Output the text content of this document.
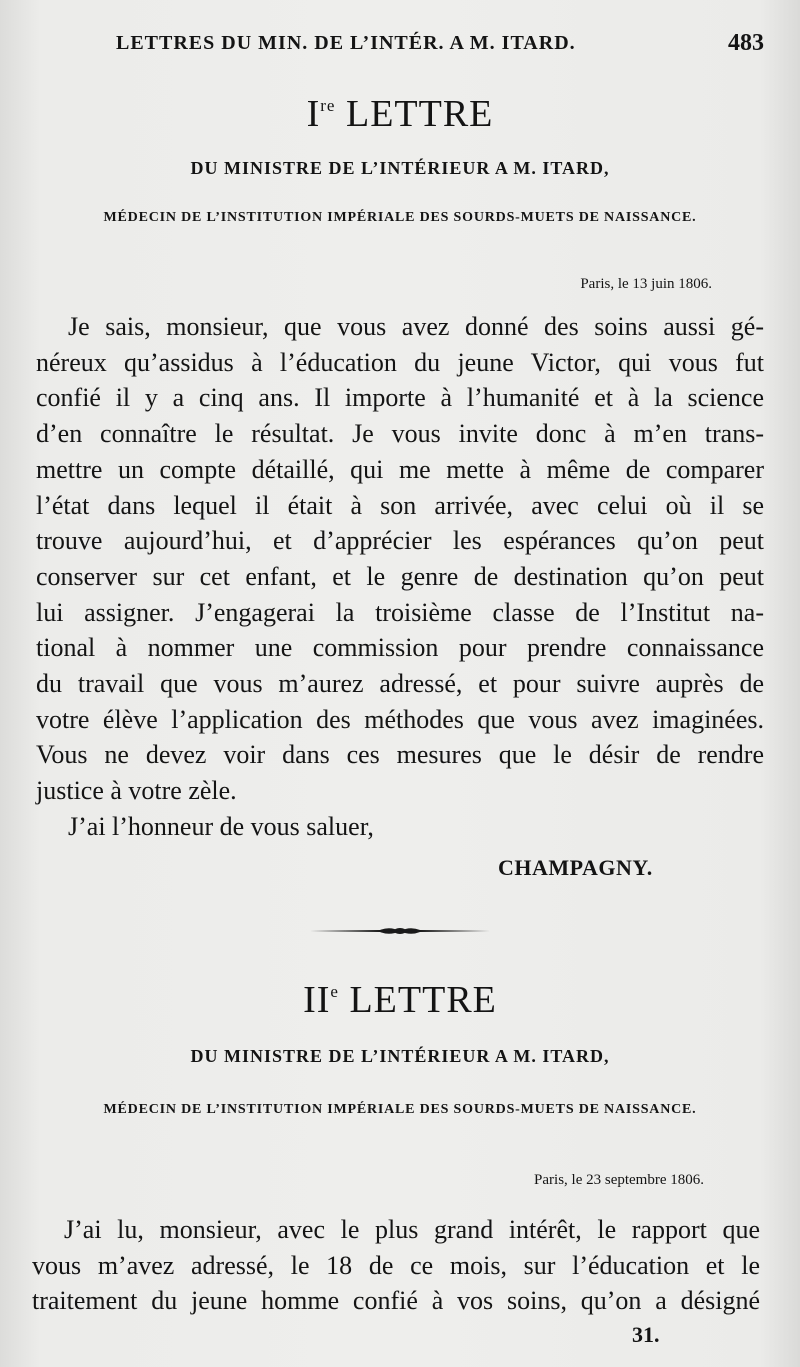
LETTRES DU MIN. DE L’INTÉR. A M. ITARD.	483
Ire LETTRE
DU MINISTRE DE L’INTÉRIEUR A M. ITARD,
MÉDECIN DE L’INSTITUTION IMPÉRIALE DES SOURDS-MUETS DE NAISSANCE.
Paris, le 13 juin 1806.
Je sais, monsieur, que vous avez donné des soins aussi gé-
néreux qu’assidus à l’éducation du jeune Victor, qui vous fut
confié il y a cinq ans. Il importe à l’humanité et à la science
d’en connaître le résultat. Je vous invite donc à m’en trans-
mettre un compte détaillé, qui me mette à même de comparer
l’état dans lequel il était à son arrivée, avec celui où il se
trouve aujourd’hui, et d’apprécier les espérances qu’on peut
conserver sur cet enfant, et le genre de destination qu’on peut
lui assigner. J’engagerai la troisième classe de l’Institut na-
tional à nommer une commission pour prendre connaissance
du travail que vous m’aurez adressé, et pour suivre auprès de
votre élève l’application des méthodes que vous avez imaginées.
Vous ne devez voir dans ces mesures que le désir de rendre
justice à votre zèle.
J’ai l’honneur de vous saluer,
CHAMPAGNY.
IIe LETTRE
DU MINISTRE DE L’INTÉRIEUR A M. ITARD,
MÉDECIN DE L’INSTITUTION IMPÉRIALE DES SOURDS-MUETS DE NAISSANCE.
Paris, le 23 septembre 1806.
J’ai lu, monsieur, avec le plus grand intérêt, le rapport que
vous m’avez adressé, le 18 de ce mois, sur l’éducation et le
traitement du jeune homme confié à vos soins, qu’on a désigné
31.
